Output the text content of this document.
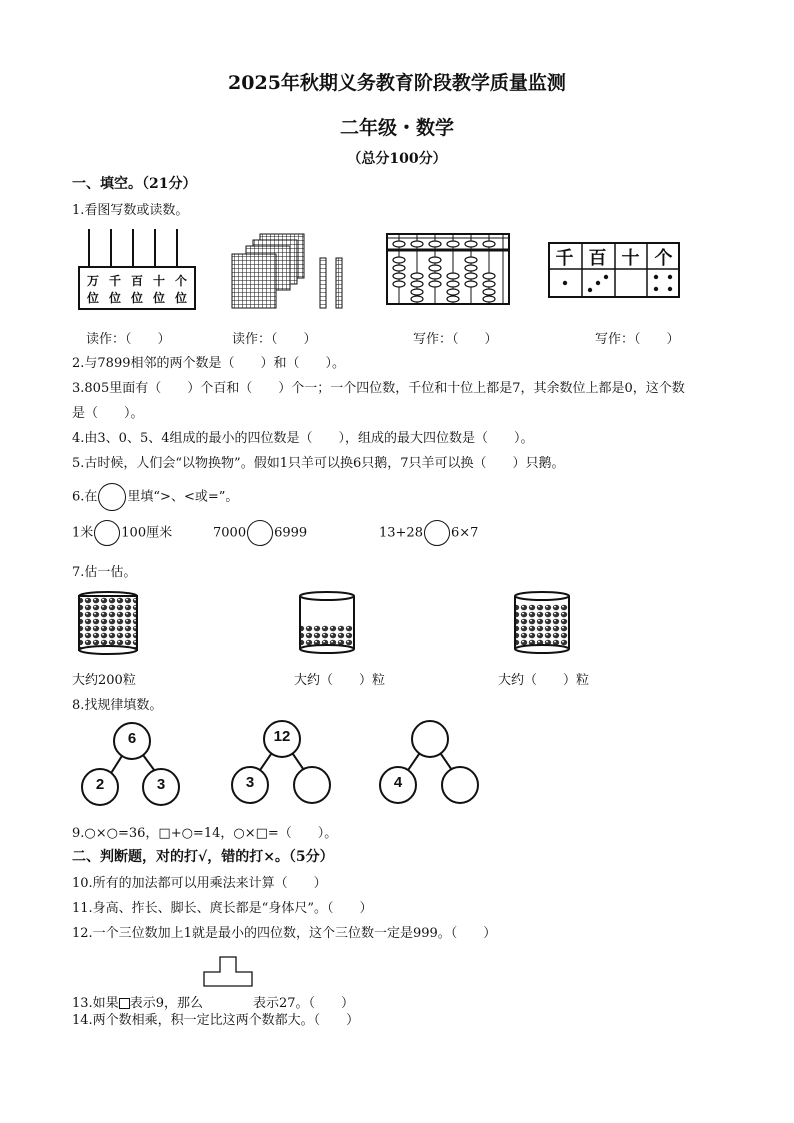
2025年秋期义务教育阶段教学质量监测
二年级・数学
（总分100分）
一、填空。（21分）
1.看图写数或读数。
万 千 百 十 个
位 位 位 位 位
千 百 十 个
读作：（　　）	读作：（　　）	写作：（　　）	写作：（　　）
2.与7899相邻的两个数是（　　）和（　　）。
3.805里面有（　　）个百和（　　）个一；一个四位数，千位和十位上都是7，其余数位上都是0，这个数
是（　　）。
4.由3、0、5、4组成的最小的四位数是（　　），组成的最大四位数是（　　）。
5.古时候，人们会“以物换物”。假如1只羊可以换6只鹅，7只羊可以换（　　）只鹅。
6.在 里填“>、<或=”。
1米 100厘米	7000 6999	13+28 6×7
7.估一估。
大约200粒	大约（　　）粒	大约（　　）粒
8.找规律填数。
6
2	3
12
3	4
9.○×○=36，□+○=14，○×□=（　　）。
二、判断题，对的打√，错的打×。（5分）
10.所有的加法都可以用乘法来计算（　　）
11.身高、拃长、脚长、庹长都是“身体尺”。（　　）
12.一个三位数加上1就是最小的四位数，这个三位数一定是999。（　　）
13.如果 表示9，那么	表示27。（　　）
14.两个数相乘，积一定比这两个数都大。（　　）
